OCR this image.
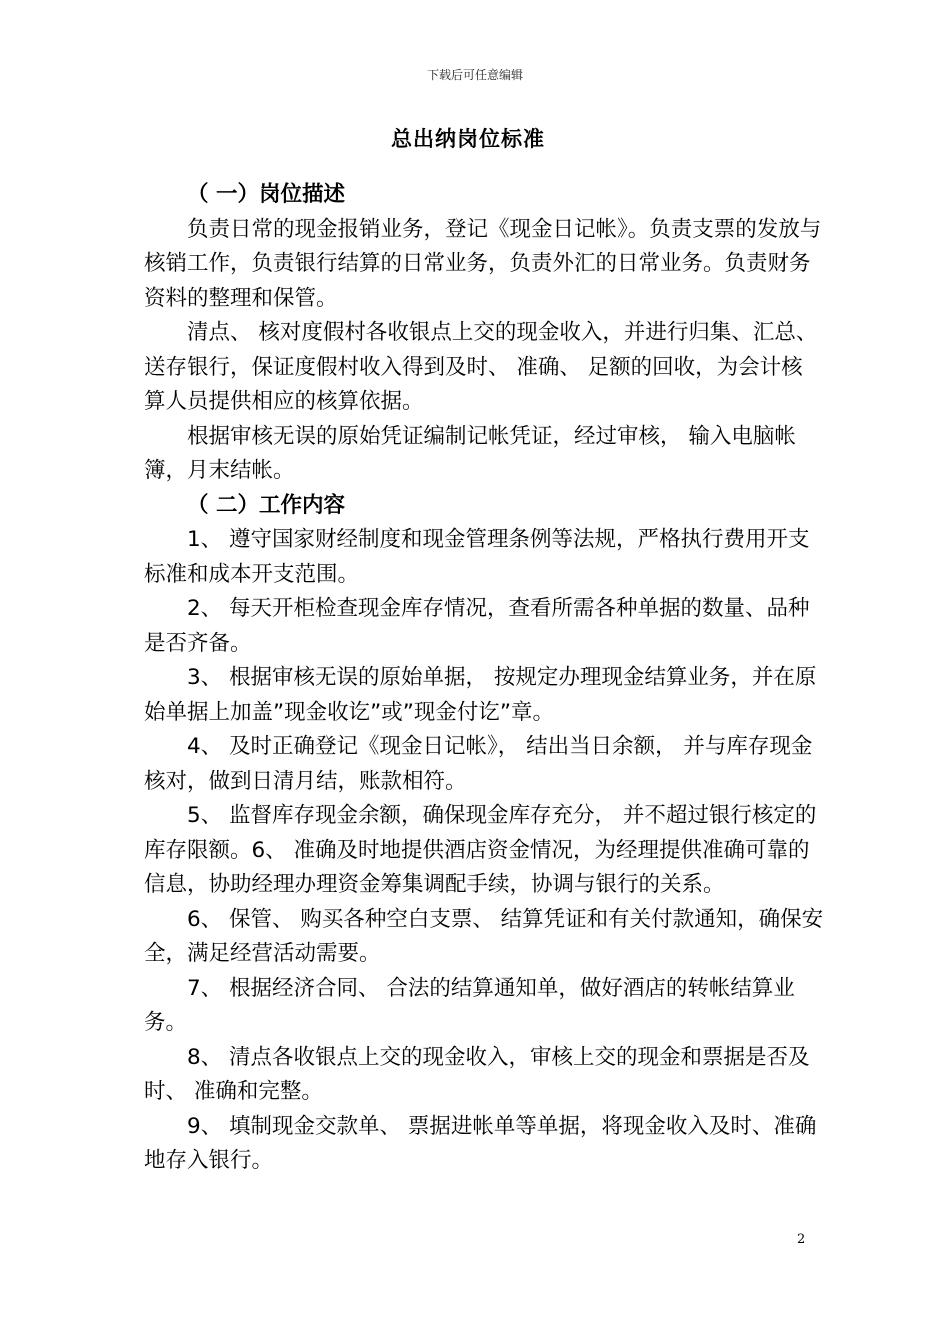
下载后可任意编辑
总出纳岗位标准

（ 一）岗位描述

负责日常的现金报销业务，登记《现金日记帐》。负责支票的发放与核销工作，负责银行结算的日常业务，负责外汇的日常业务。负责财务资料的整理和保管。

清点、 核对度假村各收银点上交的现金收入，并进行归集、汇总、 送存银行，保证度假村收入得到及时、 准确、 足额的回收，为会计核算人员提供相应的核算依据。

根据审核无误的原始凭证编制记帐凭证，经过审核， 输入电脑帐簿，月末结帐。

（ 二）工作内容

1、 遵守国家财经制度和现金管理条例等法规，严格执行费用开支标准和成本开支范围。

2、 每天开柜检查现金库存情况，查看所需各种单据的数量、品种是否齐备。

3、 根据审核无误的原始单据， 按规定办理现金结算业务，并在原始单据上加盖”现金收讫”或”现金付讫”章。

4、 及时正确登记《现金日记帐》， 结出当日余额， 并与库存现金核对，做到日清月结，账款相符。

5、 监督库存现金余额，确保现金库存充分， 并不超过银行核定的库存限额。6、 准确及时地提供酒店资金情况，为经理提供准确可靠的信息，协助经理办理资金筹集调配手续，协调与银行的关系。

6、 保管、 购买各种空白支票、 结算凭证和有关付款通知，确保安全，满足经营活动需要。

7、 根据经济合同、 合法的结算通知单，做好酒店的转帐结算业务。

8、 清点各收银点上交的现金收入，审核上交的现金和票据是否及时、 准确和完整。

9、 填制现金交款单、 票据进帐单等单据，将现金收入及时、准确地存入银行。

2
